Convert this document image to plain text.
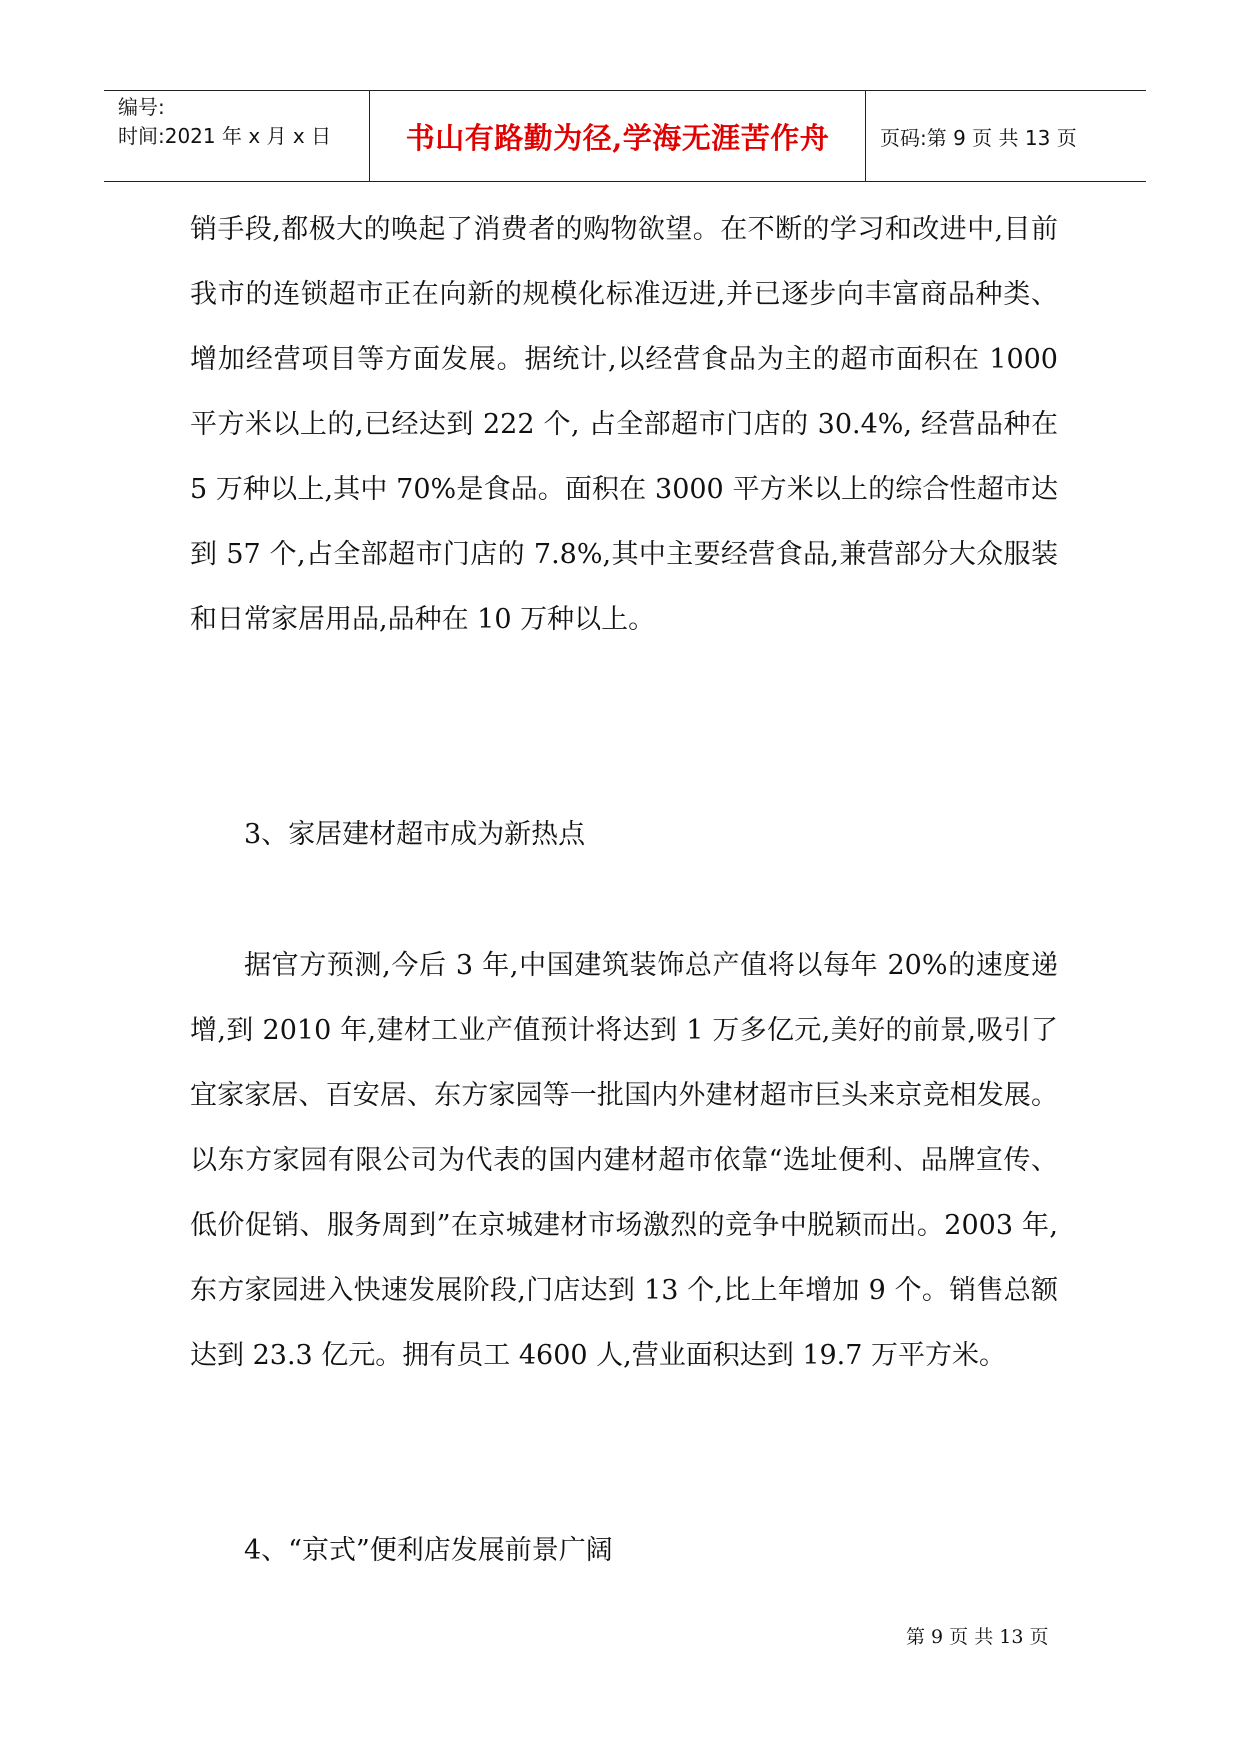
编号:
时间:2021 年 x 月 x 日	书山有路勤为径,学海无涯苦作舟	页码:第 9 页 共 13 页

销手段,都极大的唤起了消费者的购物欲望。在不断的学习和改进中,目前我市的连锁超市正在向新的规模化标准迈进,并已逐步向丰富商品种类、增加经营项目等方面发展。据统计,以经营食品为主的超市面积在 1000 平方米以上的,已经达到 222 个, 占全部超市门店的 30.4%, 经营品种在 5 万种以上,其中 70%是食品。面积在 3000 平方米以上的综合性超市达到 57 个,占全部超市门店的 7.8%,其中主要经营食品,兼营部分大众服装和日常家居用品,品种在 10 万种以上。

3、家居建材超市成为新热点

据官方预测,今后 3 年,中国建筑装饰总产值将以每年 20%的速度递增,到 2010 年,建材工业产值预计将达到 1 万多亿元,美好的前景,吸引了宜家家居、百安居、东方家园等一批国内外建材超市巨头来京竞相发展。以东方家园有限公司为代表的国内建材超市依靠“选址便利、品牌宣传、低价促销、服务周到”在京城建材市场激烈的竞争中脱颖而出。2003 年,东方家园进入快速发展阶段,门店达到 13 个,比上年增加 9 个。销售总额达到 23.3 亿元。拥有员工 4600 人,营业面积达到 19.7 万平方米。

4、“京式”便利店发展前景广阔

第 9 页 共 13 页
